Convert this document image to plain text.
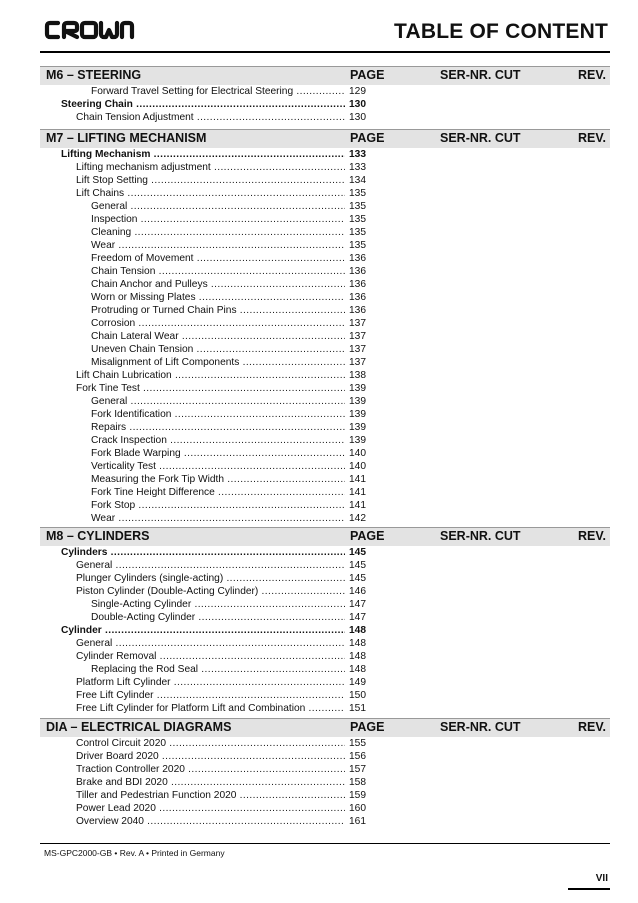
TABLE OF CONTENT
M6 – STEERING	PAGE	SER-NR. CUT	REV.
Forward Travel Setting for Electrical Steering .....	129
Steering Chain .....	130
Chain Tension Adjustment .....	130
M7 – LIFTING MECHANISM	PAGE	SER-NR. CUT	REV.
Lifting Mechanism .....	133
Lifting mechanism adjustment .....	133
Lift Stop Setting .....	134
Lift Chains .....	135
General .....	135
Inspection .....	135
Cleaning .....	135
Wear .....	135
Freedom of Movement .....	136
Chain Tension .....	136
Chain Anchor and Pulleys .....	136
Worn or Missing Plates .....	136
Protruding or Turned Chain Pins .....	136
Corrosion .....	137
Chain Lateral Wear .....	137
Uneven Chain Tension .....	137
Misalignment of Lift Components .....	137
Lift Chain Lubrication .....	138
Fork Tine Test .....	139
General .....	139
Fork Identification .....	139
Repairs .....	139
Crack Inspection .....	139
Fork Blade Warping .....	140
Verticality Test .....	140
Measuring the Fork Tip Width .....	141
Fork Tine Height Difference .....	141
Fork Stop .....	141
Wear .....	142
M8 – CYLINDERS	PAGE	SER-NR. CUT	REV.
Cylinders .....	145
General .....	145
Plunger Cylinders (single-acting) .....	145
Piston Cylinder (Double-Acting Cylinder) .....	146
Single-Acting Cylinder .....	147
Double-Acting Cylinder .....	147
Cylinder .....	148
General .....	148
Cylinder Removal .....	148
Replacing the Rod Seal .....	148
Platform Lift Cylinder .....	149
Free Lift Cylinder .....	150
Free Lift Cylinder for Platform Lift and Combination .....	151
DIA – ELECTRICAL DIAGRAMS	PAGE	SER-NR. CUT	REV.
Control Circuit 2020 .....	155
Driver Board 2020 .....	156
Traction Controller 2020 .....	157
Brake and BDI 2020 .....	158
Tiller and Pedestrian Function 2020 .....	159
Power Lead 2020 .....	160
Overview 2040 .....	161
MS-GPC2000-GB • Rev. A • Printed in Germany
VII
